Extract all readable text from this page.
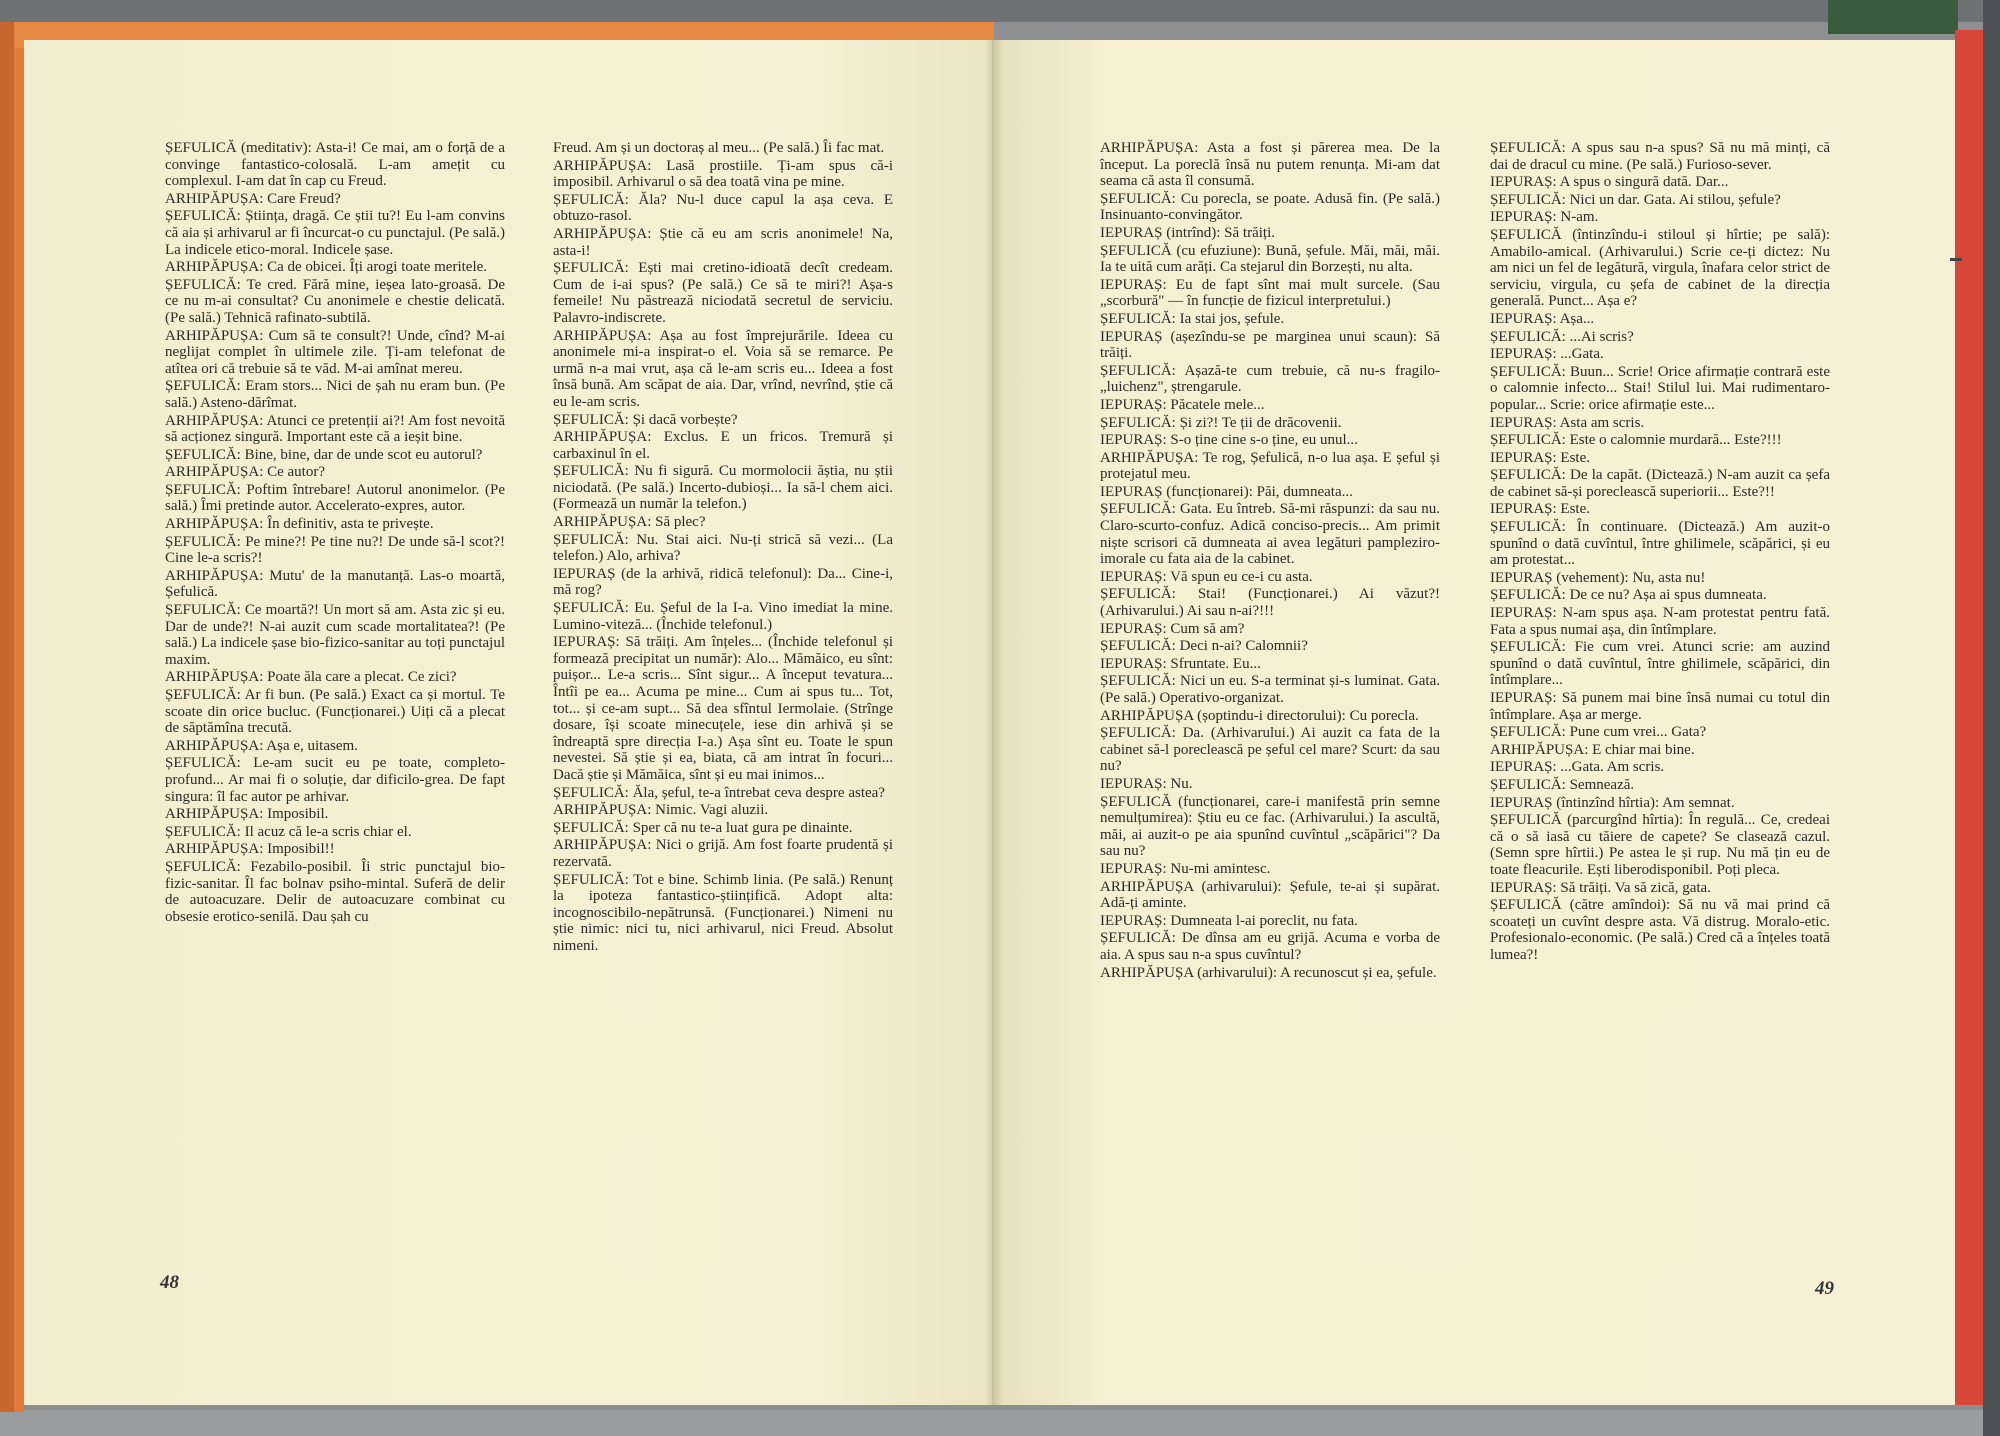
ȘEFULICĂ (meditativ): Asta-i! Ce mai, am o forță de a convinge fantastico-colosală. L-am amețit cu complexul. I-am dat în cap cu Freud.

ARHIPĂPUȘA: Care Freud?

ȘEFULICĂ: Știința, dragă. Ce știi tu?! Eu l-am convins că aia și arhivarul ar fi încurcat-o cu punctajul. (Pe sală.) La indicele etico-moral. Indicele șase.

ARHIPĂPUȘA: Ca de obicei. Îți arogi toate meritele.

ȘEFULICĂ: Te cred. Fără mine, ieșea lato-groasă. De ce nu m-ai consultat? Cu anonimele e chestie delicată. (Pe sală.) Tehnică rafinato-subtilă.

ARHIPĂPUȘA: Cum să te consult?! Unde, cînd? M-ai neglijat complet în ultimele zile. Ți-am telefonat de atîtea ori că trebuie să te văd. M-ai amînat mereu.

ȘEFULICĂ: Eram stors... Nici de șah nu eram bun. (Pe sală.) Asteno-dărîmat.

ARHIPĂPUȘA: Atunci ce pretenții ai?! Am fost nevoită să acționez singură. Important este că a ieșit bine.

ȘEFULICĂ: Bine, bine, dar de unde scot eu autorul?

ARHIPĂPUȘA: Ce autor?

ȘEFULICĂ: Poftim întrebare! Autorul anonimelor. (Pe sală.) Îmi pretinde autor. Accelerato-expres, autor.

ARHIPĂPUȘA: În definitiv, asta te privește.

ȘEFULICĂ: Pe mine?! Pe tine nu?! De unde să-l scot?! Cine le-a scris?!

ARHIPĂPUȘA: Mutu' de la manutanță. Las-o moartă, Șefulică.

ȘEFULICĂ: Ce moartă?! Un mort să am. Asta zic și eu. Dar de unde?! N-ai auzit cum scade mortalitatea?! (Pe sală.) La indicele șase bio-fizico-sanitar au toți punctajul maxim.

ARHIPĂPUȘA: Poate ăla care a plecat. Ce zici?

ȘEFULICĂ: Ar fi bun. (Pe sală.) Exact ca și mortul. Te scoate din orice bucluc. (Funcționarei.) Uiți că a plecat de săptămîna trecută.

ARHIPĂPUȘA: Așa e, uitasem.

ȘEFULICĂ: Le-am sucit eu pe toate, completo-profund... Ar mai fi o soluție, dar dificilo-grea. De fapt singura: îl fac autor pe arhivar.

ARHIPĂPUȘA: Imposibil.

ȘEFULICĂ: Il acuz că le-a scris chiar el.

ARHIPĂPUȘA: Imposibil!!

ȘEFULICĂ: Fezabilo-posibil. Îi stric punctajul bio-fizic-sanitar. Îl fac bolnav psiho-mintal. Suferă de delir de autoacuzare. Delir de autoacuzare combinat cu obsesie erotico-senilă. Dau șah cu

Freud. Am și un doctoraș al meu... (Pe sală.) Îi fac mat.

ARHIPĂPUȘA: Lasă prostiile. Ți-am spus că-i imposibil. Arhivarul o să dea toată vina pe mine.

ȘEFULICĂ: Ăla? Nu-l duce capul la așa ceva. E obtuzo-rasol.

ARHIPĂPUȘA: Știe că eu am scris anonimele! Na, asta-i!

ȘEFULICĂ: Ești mai cretino-idioată decît credeam. Cum de i-ai spus? (Pe sală.) Ce să te miri?! Așa-s femeile! Nu păstrează niciodată secretul de serviciu. Palavro-indiscrete.

ARHIPĂPUȘA: Așa au fost împrejurările. Ideea cu anonimele mi-a inspirat-o el. Voia să se remarce. Pe urmă n-a mai vrut, așa că le-am scris eu... Ideea a fost însă bună. Am scăpat de aia. Dar, vrînd, nevrînd, știe că eu le-am scris.

ȘEFULICĂ: Și dacă vorbește?

ARHIPĂPUȘA: Exclus. E un fricos. Tremură și carbaxinul în el.

ȘEFULICĂ: Nu fi sigură. Cu mormolocii ăștia, nu știi niciodată. (Pe sală.) Incerto-dubioși... Ia să-l chem aici. (Formează un număr la telefon.)

ARHIPĂPUȘA: Să plec?

ȘEFULICĂ: Nu. Stai aici. Nu-ți strică să vezi... (La telefon.) Alo, arhiva?

IEPURAȘ (de la arhivă, ridică telefonul): Da... Cine-i, mă rog?

ȘEFULICĂ: Eu. Șeful de la I-a. Vino imediat la mine. Lumino-viteză... (Închide telefonul.)

IEPURAȘ: Să trăiți. Am înțeles... (Închide telefonul și formează precipitat un număr): Alo... Mămăico, eu sînt: puișor... Le-a scris... Sînt sigur... A început tevatura... Întîi pe ea... Acuma pe mine... Cum ai spus tu... Tot, tot... și ce-am supt... Să dea sfîntul Iermolaie. (Strînge dosare, își scoate minecuțele, iese din arhivă și se îndreaptă spre direcția I-a.) Așa sînt eu. Toate le spun nevestei. Să știe și ea, biata, că am intrat în focuri... Dacă știe și Mămăica, sînt și eu mai inimos...

ȘEFULICĂ: Ăla, șeful, te-a întrebat ceva despre astea?

ARHIPĂPUȘA: Nimic. Vagi aluzii.

ȘEFULICĂ: Sper că nu te-a luat gura pe dinainte.

ARHIPĂPUȘA: Nici o grijă. Am fost foarte prudentă și rezervată.

ȘEFULICĂ: Tot e bine. Schimb linia. (Pe sală.) Renunț la ipoteza fantastico-științifică. Adopt alta: incognoscibilo-nepătrunsă. (Funcționarei.) Nimeni nu știe nimic: nici tu, nici arhivarul, nici Freud. Absolut nimeni.

ARHIPĂPUȘA: Asta a fost și părerea mea. De la început. La poreclă însă nu putem renunța. Mi-am dat seama că asta îl consumă.

ȘEFULICĂ: Cu porecla, se poate. Adusă fin. (Pe sală.) Insinuanto-convingător.

IEPURAȘ (intrînd): Să trăiți.

ȘEFULICĂ (cu efuziune): Bună, șefule. Măi, măi, măi. Ia te uită cum arăți. Ca stejarul din Borzești, nu alta.

IEPURAȘ: Eu de fapt sînt mai mult surcele. (Sau „scorbură" — în funcție de fizicul interpretului.)

ȘEFULICĂ: Ia stai jos, șefule.

IEPURAȘ (așezîndu-se pe marginea unui scaun): Să trăiți.

ȘEFULICĂ: Așază-te cum trebuie, că nu-s fragilo-„luichenz", ștrengarule.

IEPURAȘ: Păcatele mele...

ȘEFULICĂ: Și zi?! Te ții de drăcovenii.

IEPURAȘ: S-o ține cine s-o ține, eu unul...

ARHIPĂPUȘA: Te rog, Șefulică, n-o lua așa. E șeful și protejatul meu.

IEPURAȘ (funcționarei): Păi, dumneata...

ȘEFULICĂ: Gata. Eu întreb. Să-mi răspunzi: da sau nu. Claro-scurto-confuz. Adică conciso-precis... Am primit niște scrisori că dumneata ai avea legături pampleziro-imorale cu fata aia de la cabinet.

IEPURAȘ: Vă spun eu ce-i cu asta.

ȘEFULICĂ: Stai! (Funcționarei.) Ai văzut?! (Arhivarului.) Ai sau n-ai?!!!

IEPURAȘ: Cum să am?

ȘEFULICĂ: Deci n-ai? Calomnii?

IEPURAȘ: Sfruntate. Eu...

ȘEFULICĂ: Nici un eu. S-a terminat și-s luminat. Gata. (Pe sală.) Operativo-organizat.

ARHIPĂPUȘA (șoptindu-i directorului): Cu porecla.

ȘEFULICĂ: Da. (Arhivarului.) Ai auzit ca fata de la cabinet să-l poreclească pe șeful cel mare? Scurt: da sau nu?

IEPURAȘ: Nu.

ȘEFULICĂ (funcționarei, care-i manifestă prin semne nemulțumirea): Știu eu ce fac. (Arhivarului.) Ia ascultă, măi, ai auzit-o pe aia spunînd cuvîntul „scăpărici"? Da sau nu?

IEPURAȘ: Nu-mi amintesc.

ARHIPĂPUȘA (arhivarului): Șefule, te-ai și supărat. Adă-ți aminte.

IEPURAȘ: Dumneata l-ai poreclit, nu fata.

ȘEFULICĂ: De dînsa am eu grijă. Acuma e vorba de aia. A spus sau n-a spus cuvîntul?

ARHIPĂPUȘA (arhivarului): A recunoscut și ea, șefule.

ȘEFULICĂ: A spus sau n-a spus? Să nu mă minți, că dai de dracul cu mine. (Pe sală.) Furioso-sever.

IEPURAȘ: A spus o singură dată. Dar...

ȘEFULICĂ: Nici un dar. Gata. Ai stilou, șefule?

IEPURAȘ: N-am.

ȘEFULICĂ (întinzîndu-i stiloul și hîrtie; pe sală): Amabilo-amical. (Arhivarului.) Scrie ce-ți dictez: Nu am nici un fel de legătură, virgula, înafara celor strict de serviciu, virgula, cu șefa de cabinet de la direcția generală. Punct... Așa e?

IEPURAȘ: Așa...

ȘEFULICĂ: ...Ai scris?

IEPURAȘ: ...Gata.

ȘEFULICĂ: Buun... Scrie! Orice afirmație contrară este o calomnie infecto... Stai! Stilul lui. Mai rudimentaro-popular... Scrie: orice afirmație este...

IEPURAȘ: Asta am scris.

ȘEFULICĂ: Este o calomnie murdară... Este?!!!

IEPURAȘ: Este.

ȘEFULICĂ: De la capăt. (Dictează.) N-am auzit ca șefa de cabinet să-și poreclească superiorii... Este?!!

IEPURAȘ: Este.

ȘEFULICĂ: În continuare. (Dictează.) Am auzit-o spunînd o dată cuvîntul, între ghilimele, scăpărici, și eu am protestat...

IEPURAȘ (vehement): Nu, asta nu!

ȘEFULICĂ: De ce nu? Așa ai spus dumneata.

IEPURAȘ: N-am spus așa. N-am protestat pentru fată. Fata a spus numai așa, din întîmplare.

ȘEFULICĂ: Fie cum vrei. Atunci scrie: am auzind spunînd o dată cuvîntul, între ghilimele, scăpărici, din întîmplare...

IEPURAȘ: Să punem mai bine însă numai cu totul din întîmplare. Așa ar merge.

ȘEFULICĂ: Pune cum vrei... Gata?

ARHIPĂPUȘA: E chiar mai bine.

IEPURAȘ: ...Gata. Am scris.

ȘEFULICĂ: Semnează.

IEPURAȘ (întinzînd hîrtia): Am semnat.

ȘEFULICĂ (parcurgînd hîrtia): În regulă... Ce, credeai că o să iasă cu tăiere de capete? Se clasează cazul. (Semn spre hîrtii.) Pe astea le și rup. Nu mă țin eu de toate fleacurile. Ești liberodisponibil. Poți pleca.

IEPURAȘ: Să trăiți. Va să zică, gata.

ȘEFULICĂ (către amîndoi): Să nu vă mai prind că scoateți un cuvînt despre asta. Vă distrug. Moralo-etic. Profesionalo-economic. (Pe sală.) Cred că a înțeles toată lumea?!

48	49
